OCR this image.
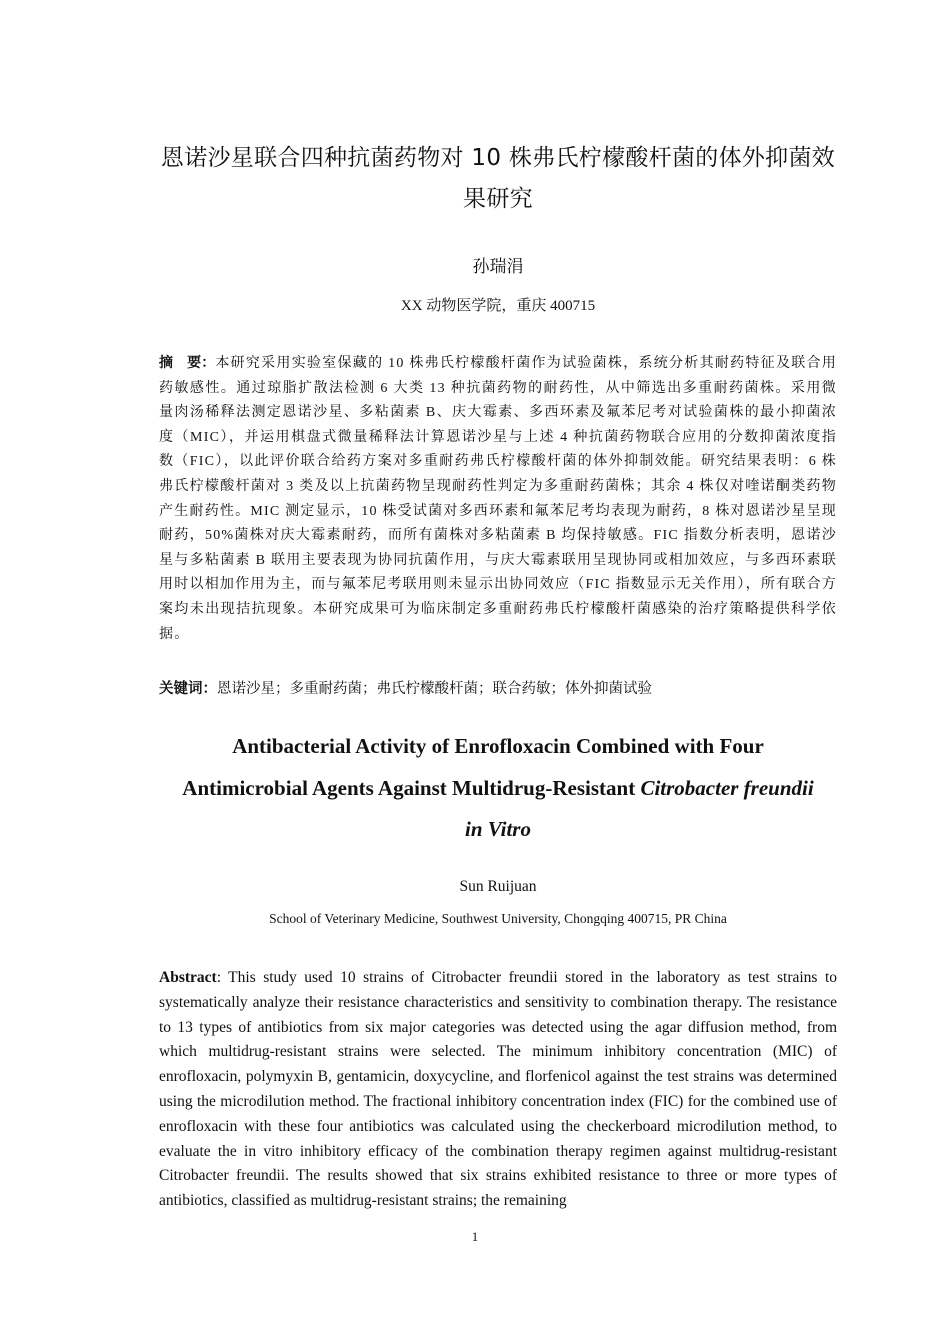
恩诺沙星联合四种抗菌药物对 10 株弗氏柠檬酸杆菌的体外抑菌效果研究
孙瑞涓
XX 动物医学院，重庆 400715
摘　要：本研究采用实验室保藏的 10 株弗氏柠檬酸杆菌作为试验菌株，系统分析其耐药特征及联合用药敏感性。通过琼脂扩散法检测 6 大类 13 种抗菌药物的耐药性，从中筛选出多重耐药菌株。采用微量肉汤稀释法测定恩诺沙星、多粘菌素 B、庆大霉素、多西环素及氟苯尼考对试验菌株的最小抑菌浓度（MIC），并运用棋盘式微量稀释法计算恩诺沙星与上述 4 种抗菌药物联合应用的分数抑菌浓度指数（FIC），以此评价联合给药方案对多重耐药弗氏柠檬酸杆菌的体外抑制效能。研究结果表明：6 株弗氏柠檬酸杆菌对 3 类及以上抗菌药物呈现耐药性判定为多重耐药菌株；其余 4 株仅对喹诺酮类药物产生耐药性。MIC 测定显示，10 株受试菌对多西环素和氟苯尼考均表现为耐药，8 株对恩诺沙星呈现耐药，50%菌株对庆大霉素耐药，而所有菌株对多粘菌素 B 均保持敏感。FIC 指数分析表明，恩诺沙星与多粘菌素 B 联用主要表现为协同抗菌作用，与庆大霉素联用呈现协同或相加效应，与多西环素联用时以相加作用为主，而与氟苯尼考联用则未显示出协同效应（FIC 指数显示无关作用），所有联合方案均未出现拮抗现象。本研究成果可为临床制定多重耐药弗氏柠檬酸杆菌感染的治疗策略提供科学依据。
关键词：恩诺沙星；多重耐药菌；弗氏柠檬酸杆菌；联合药敏；体外抑菌试验
Antibacterial Activity of Enrofloxacin Combined with Four
Antimicrobial Agents Against Multidrug-Resistant Citrobacter freundii
in Vitro
Sun Ruijuan
School of Veterinary Medicine, Southwest University, Chongqing 400715, PR China
Abstract: This study used 10 strains of Citrobacter freundii stored in the laboratory as test strains to systematically analyze their resistance characteristics and sensitivity to combination therapy. The resistance to 13 types of antibiotics from six major categories was detected using the agar diffusion method, from which multidrug-resistant strains were selected. The minimum inhibitory concentration (MIC) of enrofloxacin, polymyxin B, gentamicin, doxycycline, and florfenicol against the test strains was determined using the microdilution method. The fractional inhibitory concentration index (FIC) for the combined use of enrofloxacin with these four antibiotics was calculated using the checkerboard microdilution method, to evaluate the in vitro inhibitory efficacy of the combination therapy regimen against multidrug-resistant Citrobacter freundii. The results showed that six strains exhibited resistance to three or more types of antibiotics, classified as multidrug-resistant strains; the remaining
1
